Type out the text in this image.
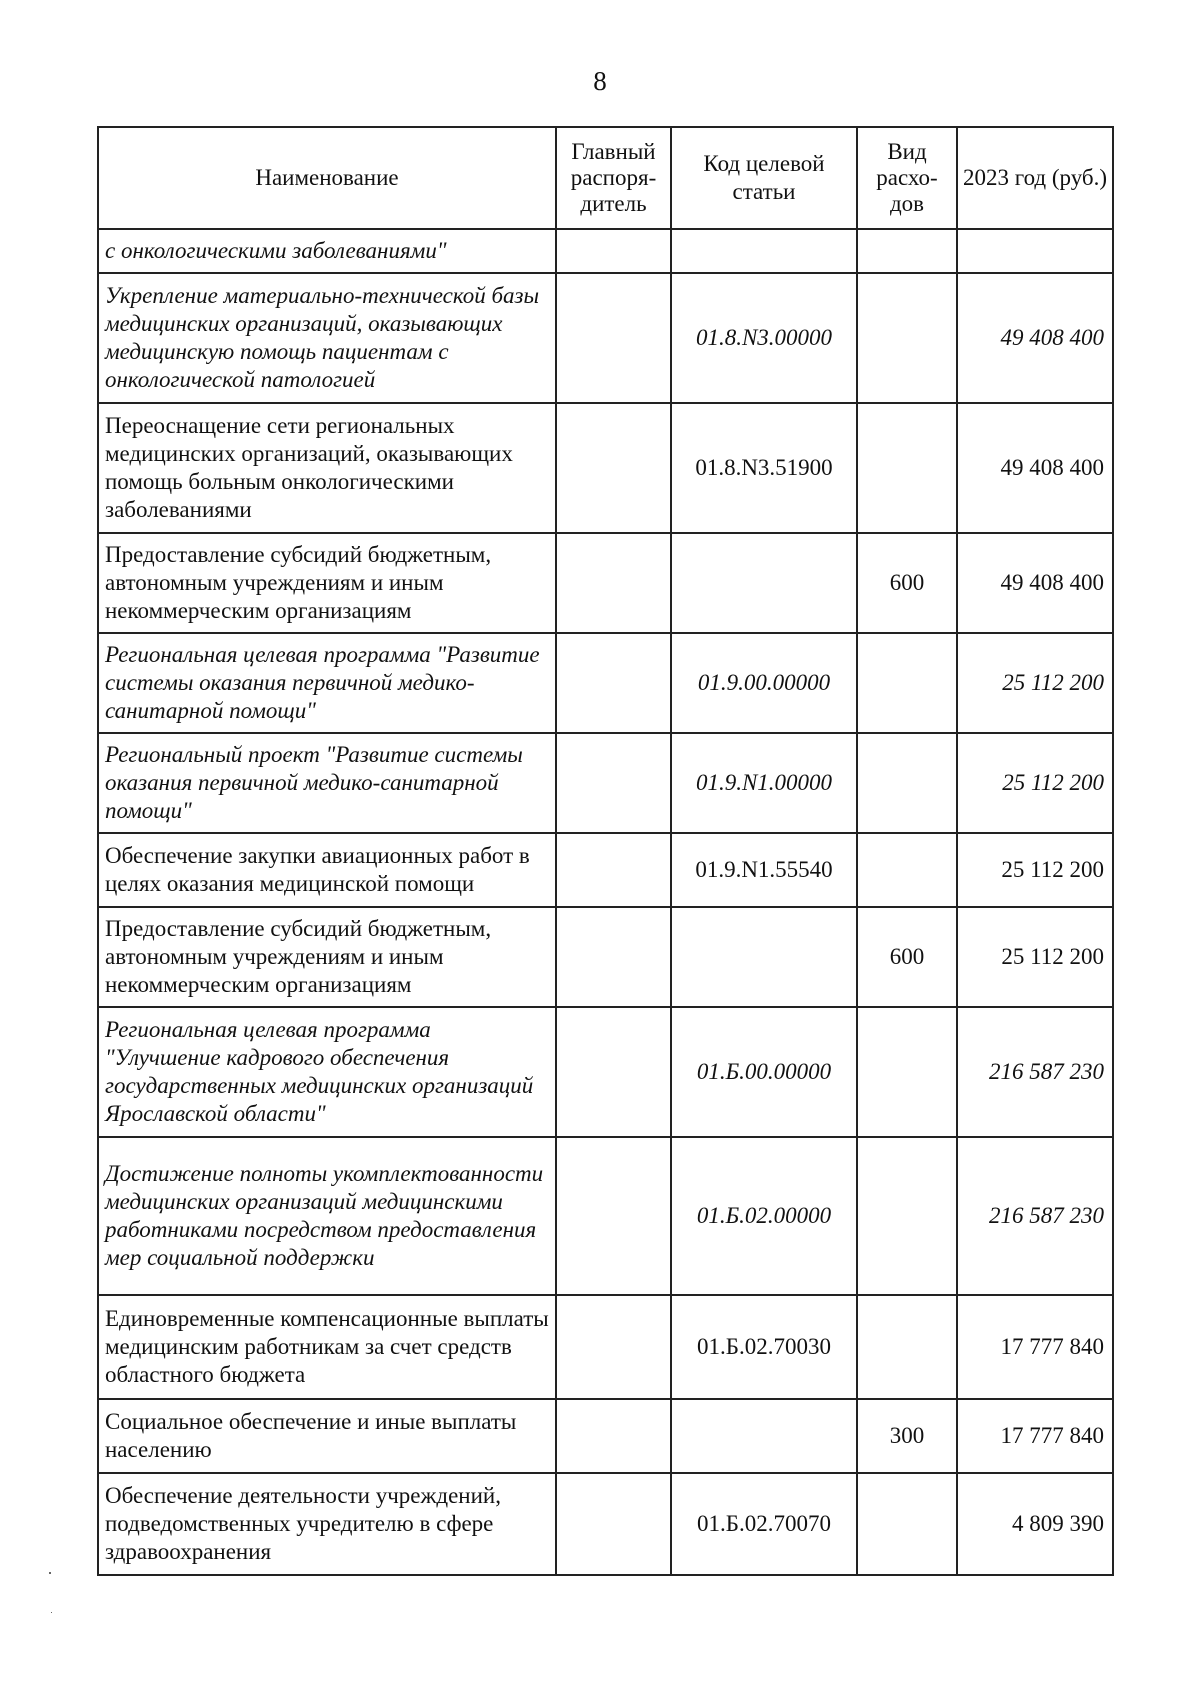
8
Наименование	Главный распоря-дитель	Код целевой статьи	Вид расхо-дов	2023 год (руб.)
с онкологическими заболеваниями"				
Укрепление материально-технической базы медицинских организаций, оказывающих медицинскую помощь пациентам с онкологической патологией		01.8.N3.00000		49 408 400
Переоснащение сети региональных медицинских организаций, оказывающих помощь больным онкологическими заболеваниями		01.8.N3.51900		49 408 400
Предоставление субсидий бюджетным, автономным учреждениям и иным некоммерческим организациям			600	49 408 400
Региональная целевая программа "Развитие системы оказания первичной медико-санитарной помощи"		01.9.00.00000		25 112 200
Региональный проект "Развитие системы оказания первичной медико-санитарной помощи"		01.9.N1.00000		25 112 200
Обеспечение закупки авиационных работ в целях оказания медицинской помощи		01.9.N1.55540		25 112 200
Предоставление субсидий бюджетным, автономным учреждениям и иным некоммерческим организациям			600	25 112 200
Региональная целевая программа "Улучшение кадрового обеспечения государственных медицинских организаций Ярославской области"		01.Б.00.00000		216 587 230
Достижение полноты укомплектованности медицинских организаций медицинскими работниками посредством предоставления мер социальной поддержки		01.Б.02.00000		216 587 230
Единовременные компенсационные выплаты медицинским работникам за счет средств областного бюджета		01.Б.02.70030		17 777 840
Социальное обеспечение и иные выплаты населению			300	17 777 840
Обеспечение деятельности учреждений, подведомственных учредителю в сфере здравоохранения		01.Б.02.70070		4 809 390
